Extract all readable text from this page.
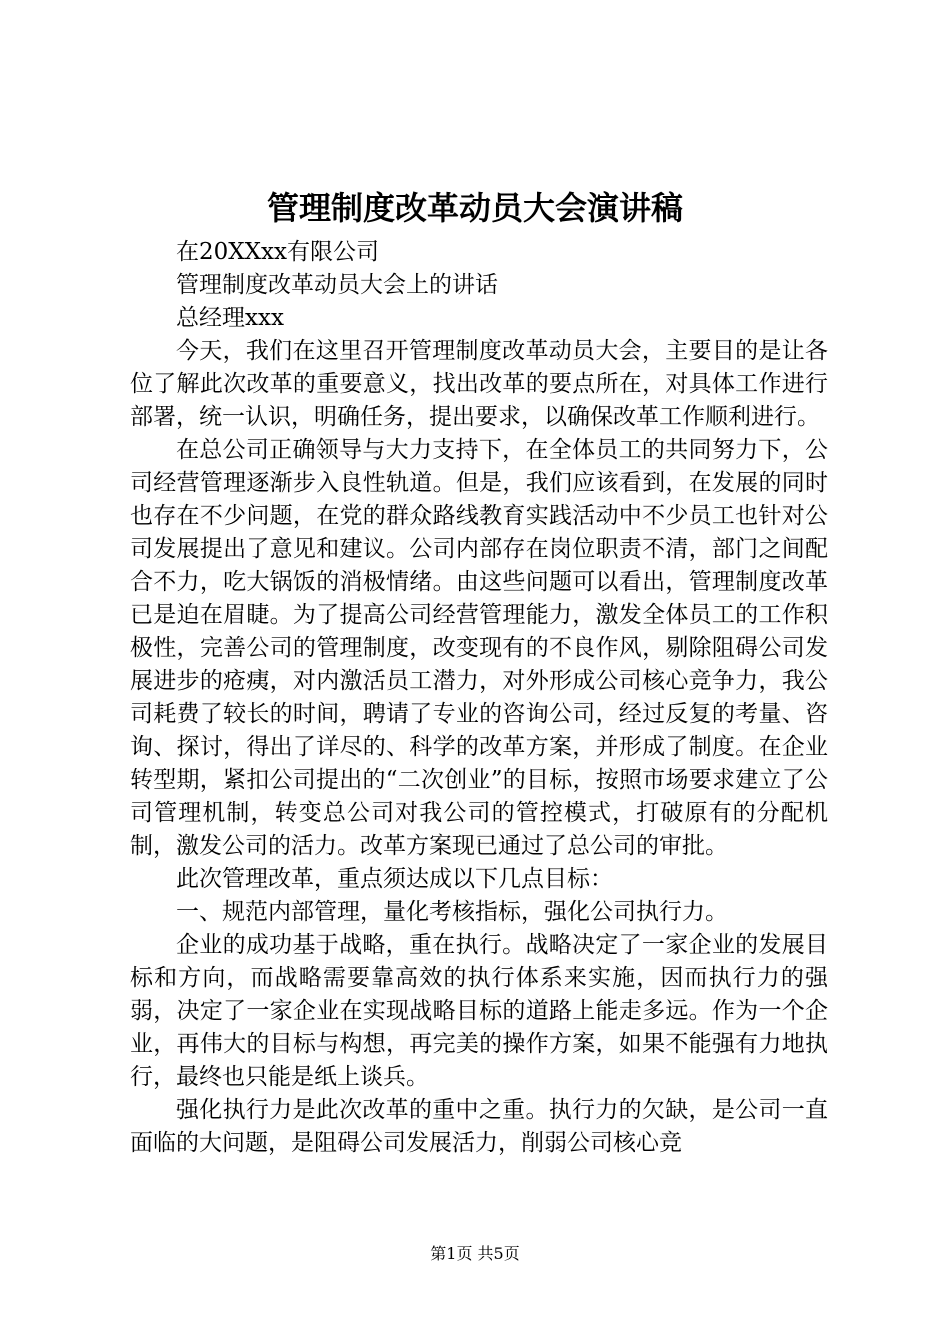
管理制度改革动员大会演讲稿

在20XXxx有限公司

管理制度改革动员大会上的讲话

总经理xxx

今天，我们在这里召开管理制度改革动员大会，主要目的是让各位了解此次改革的重要意义，找出改革的要点所在，对具体工作进行部署，统一认识，明确任务，提出要求，以确保改革工作顺利进行。

在总公司正确领导与大力支持下，在全体员工的共同努力下，公司经营管理逐渐步入良性轨道。但是，我们应该看到，在发展的同时也存在不少问题，在党的群众路线教育实践活动中不少员工也针对公司发展提出了意见和建议。公司内部存在岗位职责不清，部门之间配合不力，吃大锅饭的消极情绪。由这些问题可以看出，管理制度改革已是迫在眉睫。为了提高公司经营管理能力，激发全体员工的工作积极性，完善公司的管理制度，改变现有的不良作风，剔除阻碍公司发展进步的疮痍，对内激活员工潜力，对外形成公司核心竞争力，我公司耗费了较长的时间，聘请了专业的咨询公司，经过反复的考量、咨询、探讨，得出了详尽的、科学的改革方案，并形成了制度。在企业转型期，紧扣公司提出的“二次创业”的目标，按照市场要求建立了公司管理机制，转变总公司对我公司的管控模式，打破原有的分配机制，激发公司的活力。改革方案现已通过了总公司的审批。

此次管理改革，重点须达成以下几点目标：

一、规范内部管理，量化考核指标，强化公司执行力。

企业的成功基于战略，重在执行。战略决定了一家企业的发展目标和方向，而战略需要靠高效的执行体系来实施，因而执行力的强弱，决定了一家企业在实现战略目标的道路上能走多远。作为一个企业，再伟大的目标与构想，再完美的操作方案，如果不能强有力地执行，最终也只能是纸上谈兵。

强化执行力是此次改革的重中之重。执行力的欠缺，是公司一直面临的大问题，是阻碍公司发展活力，削弱公司核心竞

第1页 共5页
